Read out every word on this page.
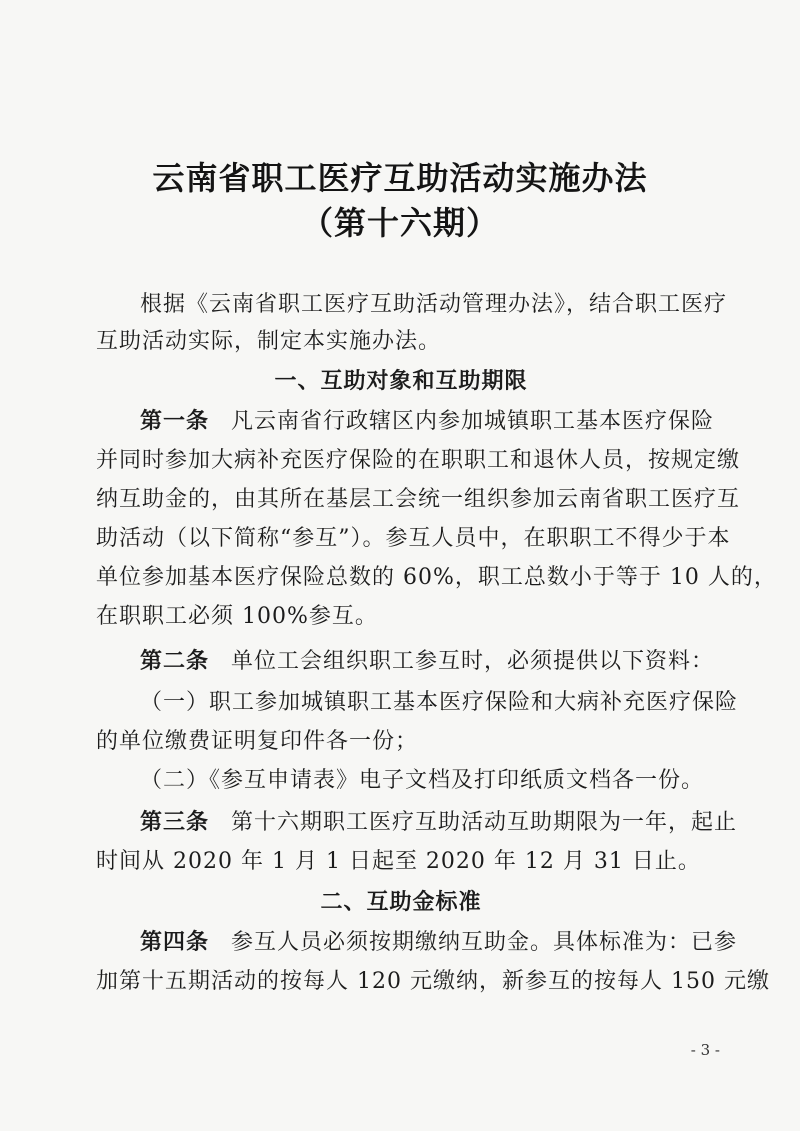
云南省职工医疗互助活动实施办法
（第十六期）
根据《云南省职工医疗互助活动管理办法》，结合职工医疗
互助活动实际，制定本实施办法。
一、互助对象和互助期限
第一条 凡云南省行政辖区内参加城镇职工基本医疗保险
并同时参加大病补充医疗保险的在职职工和退休人员，按规定缴
纳互助金的，由其所在基层工会统一组织参加云南省职工医疗互
助活动（以下简称“参互”）。参互人员中，在职职工不得少于本
单位参加基本医疗保险总数的 60%，职工总数小于等于 10 人的，
在职职工必须 100%参互。
第二条 单位工会组织职工参互时，必须提供以下资料：
（一）职工参加城镇职工基本医疗保险和大病补充医疗保险
的单位缴费证明复印件各一份；
（二）《参互申请表》电子文档及打印纸质文档各一份。
第三条 第十六期职工医疗互助活动互助期限为一年，起止
时间从 2020 年 1 月 1 日起至 2020 年 12 月 31 日止。
二、互助金标准
第四条 参互人员必须按期缴纳互助金。具体标准为：已参
加第十五期活动的按每人 120 元缴纳，新参互的按每人 150 元缴
- 3 -
